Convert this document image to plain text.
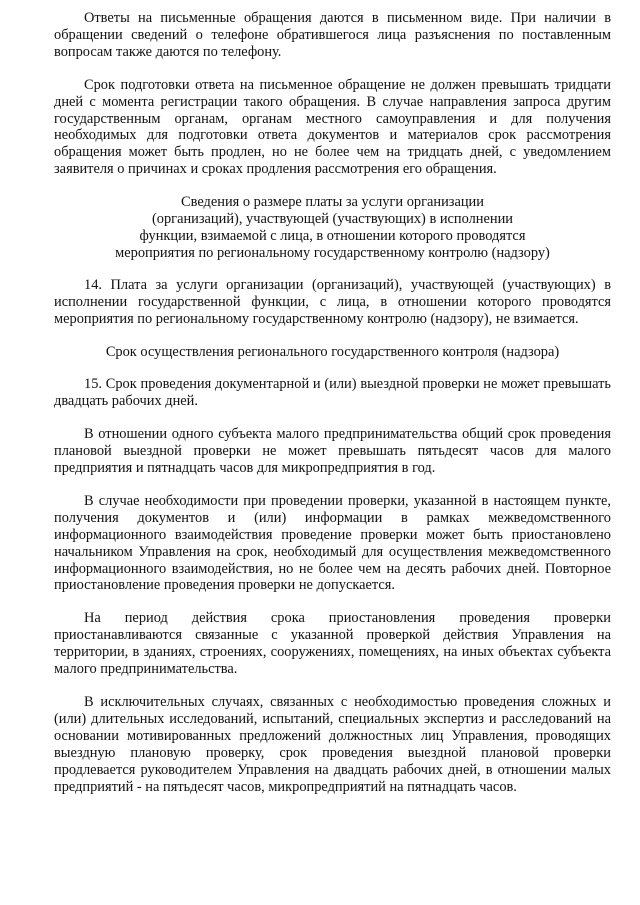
Ответы на письменные обращения даются в письменном виде. При наличии в обращении сведений о телефоне обратившегося лица разъяснения по поставленным вопросам также даются по телефону.

Срок подготовки ответа на письменное обращение не должен превышать тридцати дней с момента регистрации такого обращения. В случае направления запроса другим государственным органам, органам местного самоуправления и для получения необходимых для подготовки ответа документов и материалов срок рассмотрения обращения может быть продлен, но не более чем на тридцать дней, с уведомлением заявителя о причинах и сроках продления рассмотрения его обращения.

Сведения о размере платы за услуги организации
(организаций), участвующей (участвующих) в исполнении
функции, взимаемой с лица, в отношении которого проводятся
мероприятия по региональному государственному контролю (надзору)

14. Плата за услуги организации (организаций), участвующей (участвующих) в исполнении государственной функции, с лица, в отношении которого проводятся мероприятия по региональному государственному контролю (надзору), не взимается.

Срок осуществления регионального государственного контроля (надзора)

15. Срок проведения документарной и (или) выездной проверки не может превышать двадцать рабочих дней.

В отношении одного субъекта малого предпринимательства общий срок проведения плановой выездной проверки не может превышать пятьдесят часов для малого предприятия и пятнадцать часов для микропредприятия в год.

В случае необходимости при проведении проверки, указанной в настоящем пункте, получения документов и (или) информации в рамках межведомственного информационного взаимодействия проведение проверки может быть приостановлено начальником Управления на срок, необходимый для осуществления межведомственного информационного взаимодействия, но не более чем на десять рабочих дней. Повторное приостановление проведения проверки не допускается.

На период действия срока приостановления проведения проверки приостанавливаются связанные с указанной проверкой действия Управления на территории, в зданиях, строениях, сооружениях, помещениях, на иных объектах субъекта малого предпринимательства.

В исключительных случаях, связанных с необходимостью проведения сложных и (или) длительных исследований, испытаний, специальных экспертиз и расследований на основании мотивированных предложений должностных лиц Управления, проводящих выездную плановую проверку, срок проведения выездной плановой проверки продлевается руководителем Управления на двадцать рабочих дней, в отношении малых предприятий - на пятьдесят часов, микропредприятий на пятнадцать часов.
